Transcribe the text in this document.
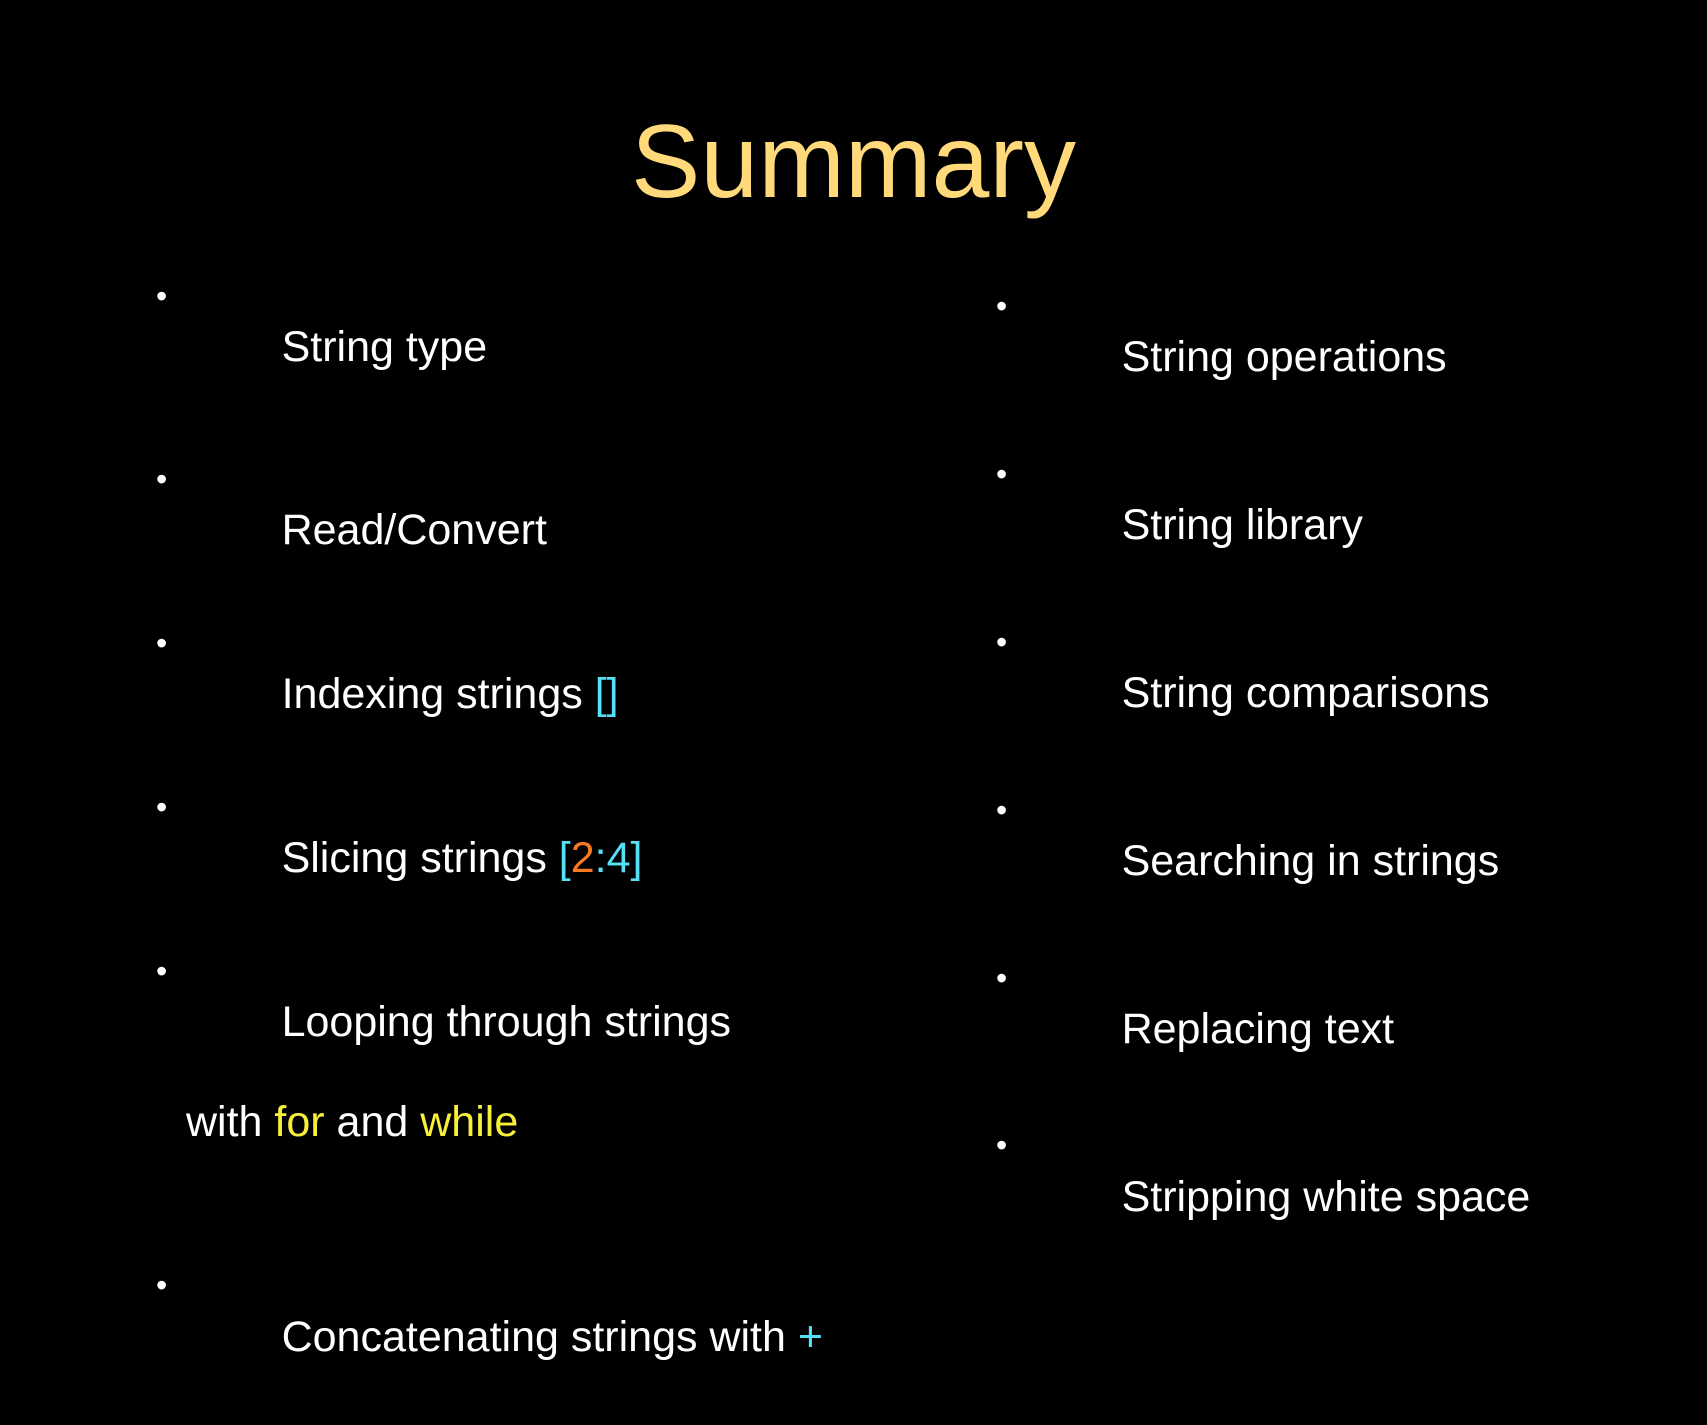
Summary

• String type

• Read/Convert

• Indexing strings []

• Slicing strings [2:4]

• Looping through strings

with for and while

• Concatenating strings with +

• String operations

• String library

• String comparisons

• Searching in strings

• Replacing text

• Stripping white space
